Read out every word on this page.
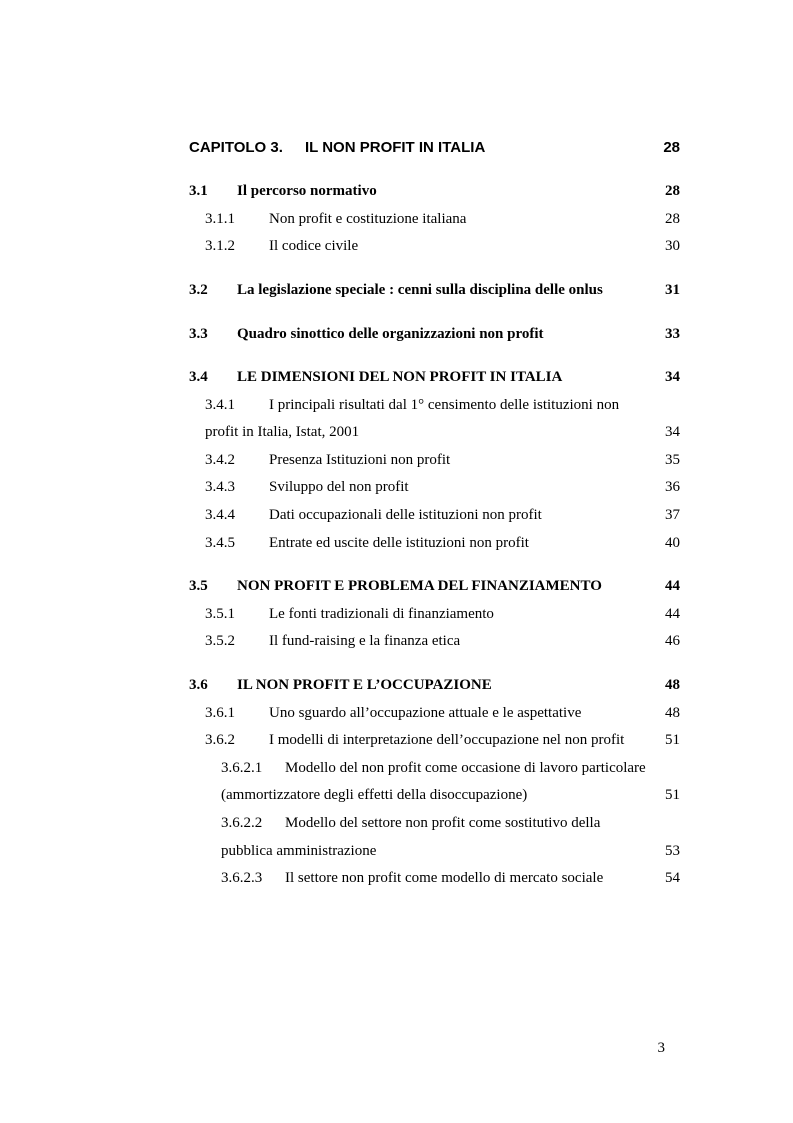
CAPITOLO 3. IL NON PROFIT IN ITALIA	28
3.1 Il percorso normativo	28
3.1.1 Non profit e costituzione italiana	28
3.1.2 Il codice civile	30
3.2 La legislazione speciale : cenni sulla disciplina delle onlus	31
3.3 Quadro sinottico delle organizzazioni non profit	33
3.4 LE DIMENSIONI DEL NON PROFIT IN ITALIA	34
3.4.1 I principali risultati dal 1° censimento delle istituzioni non
profit in Italia, Istat, 2001	34
3.4.2 Presenza Istituzioni non profit	35
3.4.3 Sviluppo del non profit	36
3.4.4 Dati occupazionali delle istituzioni non profit	37
3.4.5 Entrate ed uscite delle istituzioni non profit	40
3.5 NON PROFIT E PROBLEMA DEL FINANZIAMENTO	44
3.5.1 Le fonti tradizionali di finanziamento	44
3.5.2 Il fund-raising e la finanza etica	46
3.6 IL NON PROFIT E L’OCCUPAZIONE	48
3.6.1 Uno sguardo all’occupazione attuale e le aspettative	48
3.6.2 I modelli di interpretazione dell’occupazione nel non profit	51
3.6.2.1 Modello del non profit come occasione di lavoro particolare
(ammortizzatore degli effetti della disoccupazione)	51
3.6.2.2 Modello del settore non profit come sostitutivo della
pubblica amministrazione	53
3.6.2.3 Il settore non profit come modello di mercato sociale	54
3
